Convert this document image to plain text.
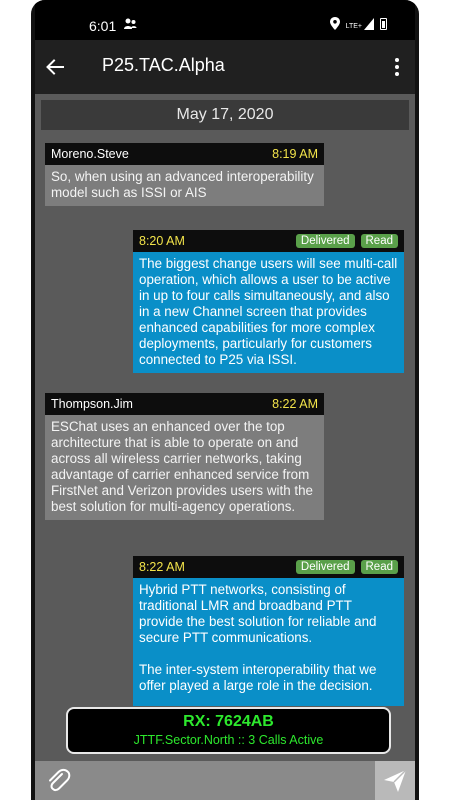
6:01	LTE+
P25.TAC.Alpha
May 17, 2020
Moreno.Steve	8:19 AM
So, when using an advanced interoperability model such as ISSI or AIS
8:20 AM	Delivered	Read
The biggest change users will see multi-call operation, which allows a user to be active in up to four calls simultaneously, and also in a new Channel screen that provides enhanced capabilities for more complex deployments, particularly for customers connected to P25 via ISSI.
Thompson.Jim	8:22 AM
ESChat uses an enhanced over the top architecture that is able to operate on and across all wireless carrier networks, taking advantage of carrier enhanced service from FirstNet and Verizon provides users with the best solution for multi-agency operations.
8:22 AM	Delivered	Read
Hybrid PTT networks, consisting of traditional LMR and broadband PTT provide the best solution for reliable and secure PTT communications.
The inter-system interoperability that we offer played a large role in the decision.
RX: 7624AB
JTTF.Sector.North :: 3 Calls Active
